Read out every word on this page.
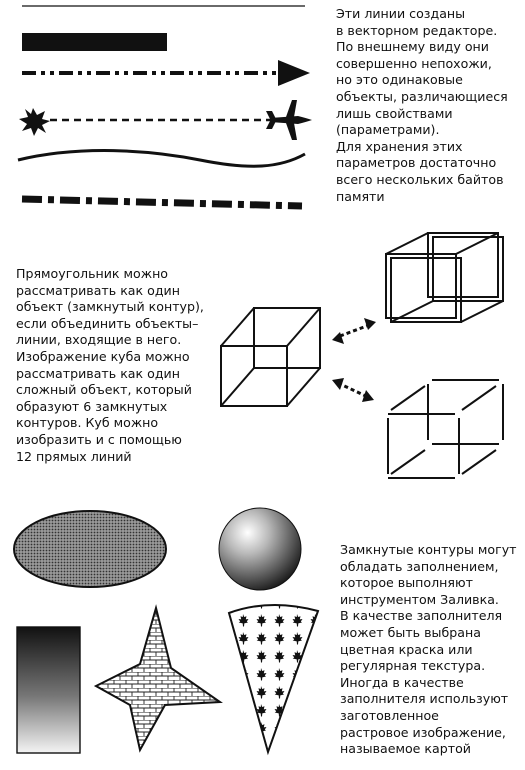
Эти линии созданы
в векторном редакторе.
По внешнему виду они
совершенно непохожи,
но это одинаковые
объекты, различающиеся
лишь свойствами
(параметрами).
Для хранения этих
параметров достаточно
всего нескольких байтов
памяти
Прямоугольник можно
рассматривать как один
объект (замкнутый контур),
если объединить объекты–
линии, входящие в него.
Изображение куба можно
рассматривать как один
сложный объект, который
образуют 6 замкнутых
контуров. Куб можно
изобразить и с помощью
12 прямых линий
Замкнутые контуры могут
обладать заполнением,
которое выполняют
инструментом Заливка.
В качестве заполнителя
может быть выбрана
цветная краска или
регулярная текстура.
Иногда в качестве
заполнителя используют
заготовленное
растровое изображение,
называемое картой
